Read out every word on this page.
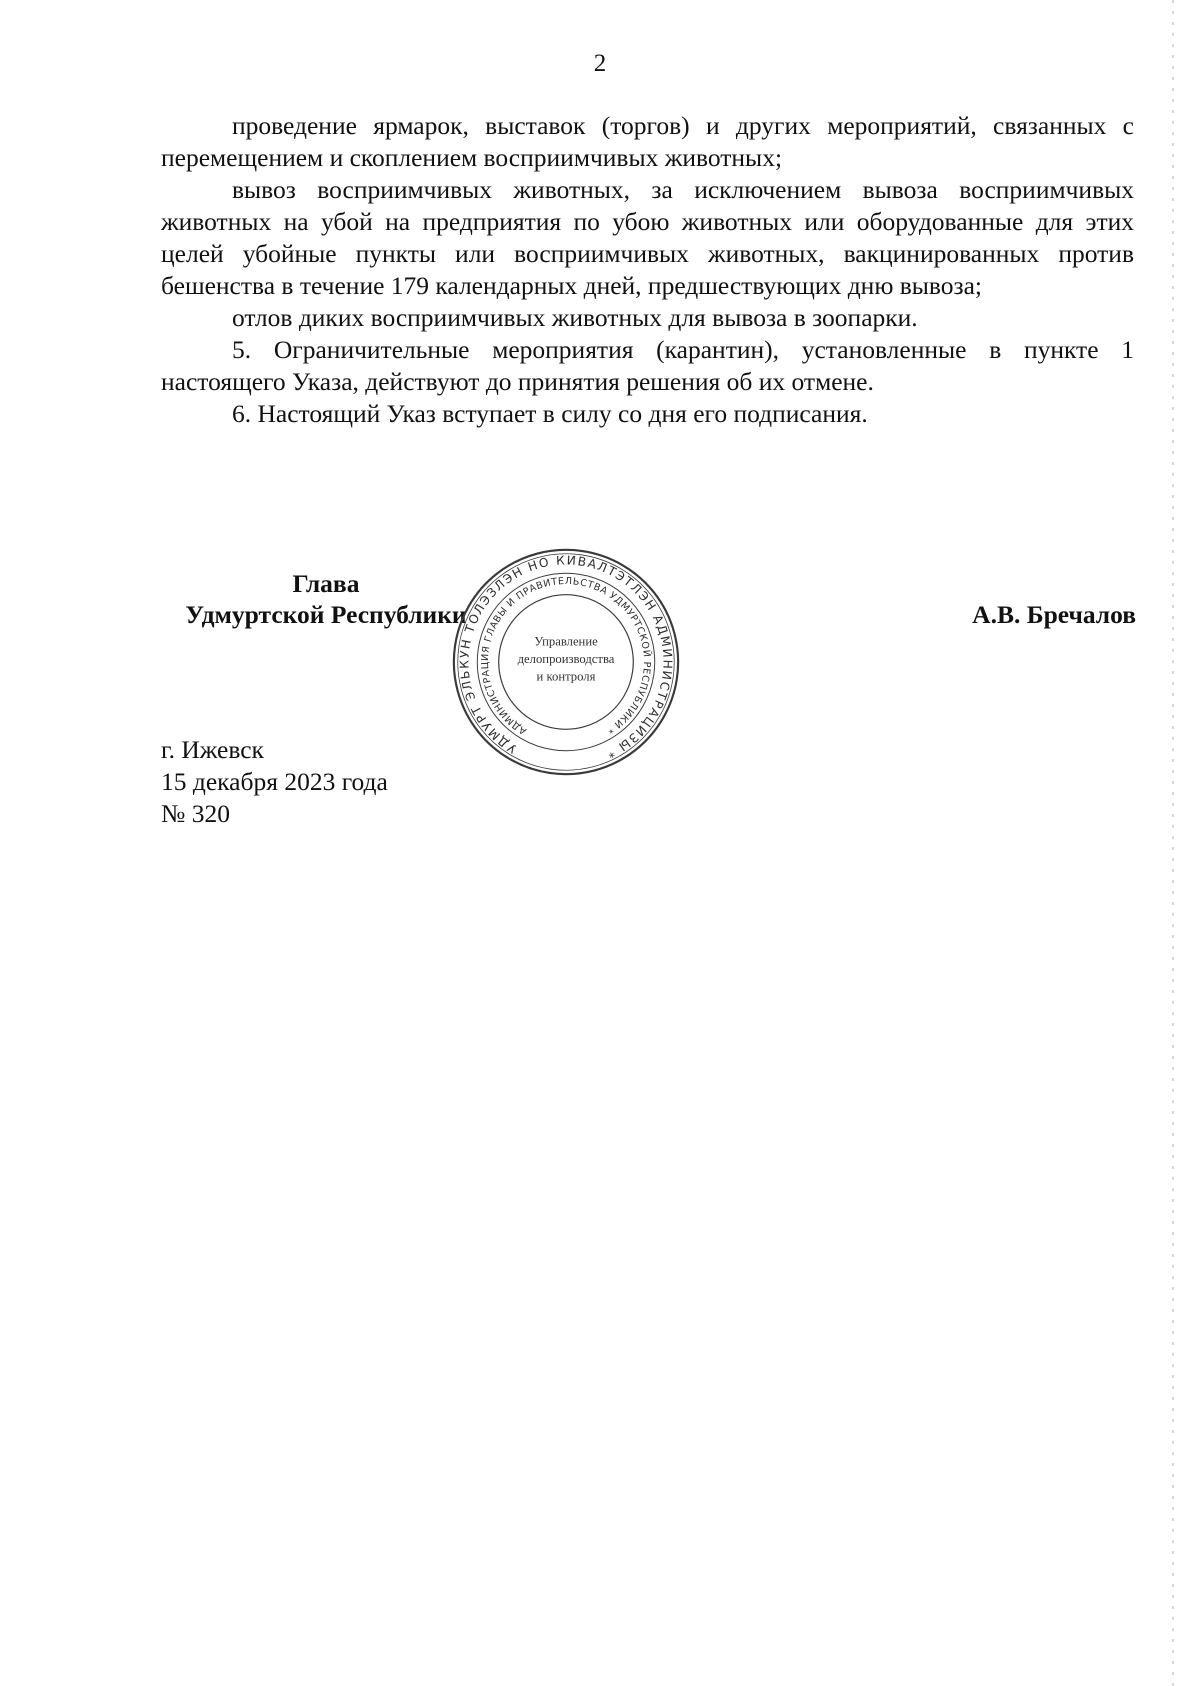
2

проведение ярмарок, выставок (торгов) и других мероприятий, связанных с перемещением и скоплением восприимчивых животных;

вывоз восприимчивых животных, за исключением вывоза восприимчивых животных на убой на предприятия по убою животных или оборудованные для этих целей убойные пункты или восприимчивых животных, вакцинированных против бешенства в течение 179 календарных дней, предшествующих дню вывоза;

отлов диких восприимчивых животных для вывоза в зоопарки.

5. Ограничительные мероприятия (карантин), установленные в пункте 1 настоящего Указа, действуют до принятия решения об их отмене.

6. Настоящий Указ вступает в силу со дня его подписания.

Глава
Удмуртской Республики	А.В. Бречалов
УДМУРТ ЭЛЬКУН ТОЛЭЗЛЭН НО КИВАЛТЭТЛЭН АДМИНИСТРАЦИЗЫ *
АДМИНИСТРАЦИЯ ГЛАВЫ И ПРАВИТЕЛЬСТВА УДМУРТСКОЙ РЕСПУБЛИКИ *
Управление
делопроизводства
и контроля
г. Ижевск
15 декабря 2023 года
№ 320
